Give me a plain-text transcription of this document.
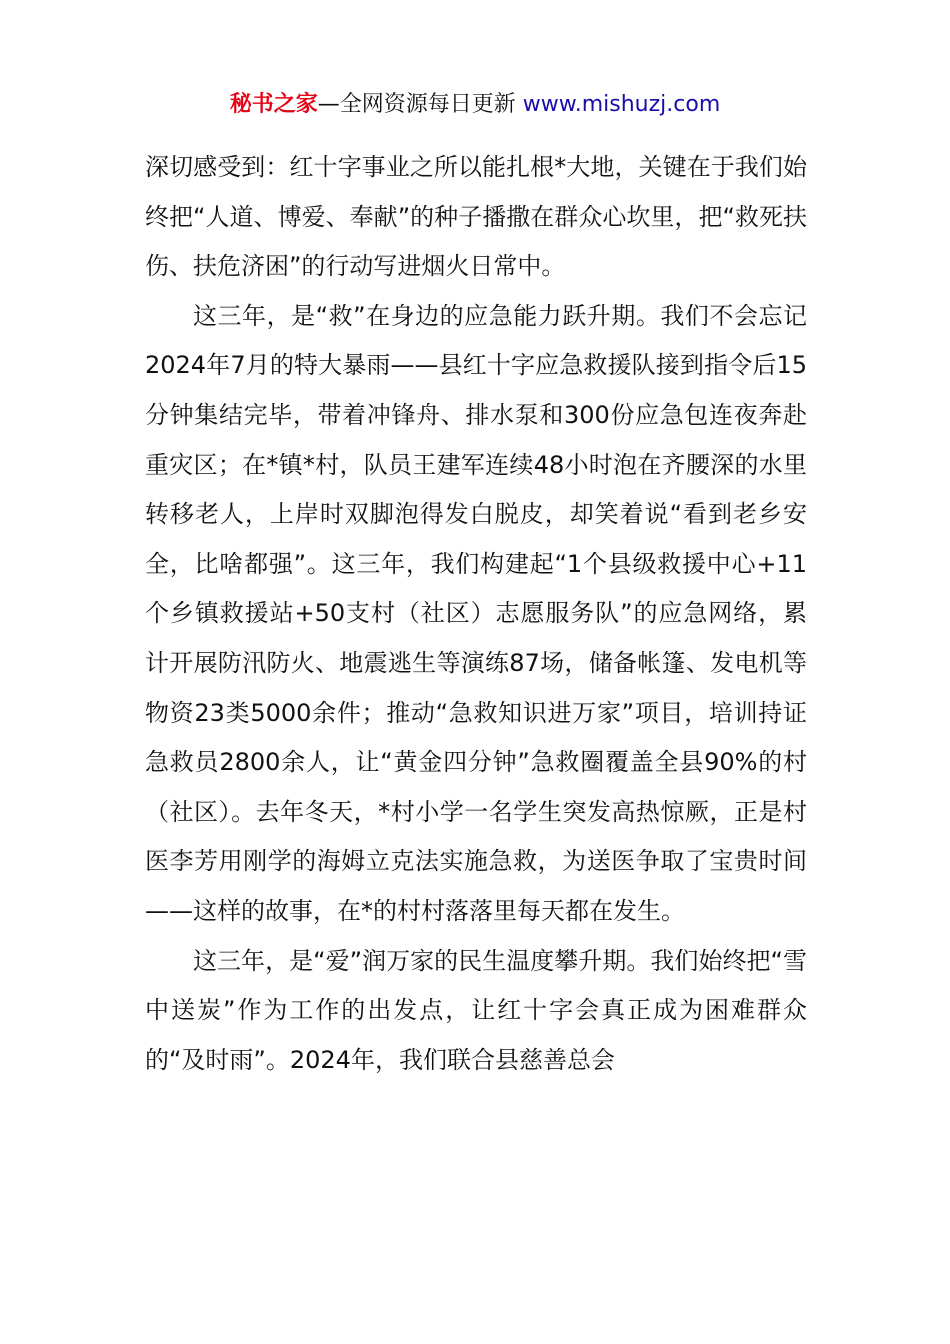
秘书之家—全网资源每日更新 www.mishuzj.com

深切感受到：红十字事业之所以能扎根*大地，关键在于我们始终把“人道、博爱、奉献”的种子播撒在群众心坎里，把“救死扶伤、扶危济困”的行动写进烟火日常中。

这三年，是“救”在身边的应急能力跃升期。我们不会忘记2024年7月的特大暴雨——县红十字应急救援队接到指令后15分钟集结完毕，带着冲锋舟、排水泵和300份应急包连夜奔赴重灾区；在*镇*村，队员王建军连续48小时泡在齐腰深的水里转移老人，上岸时双脚泡得发白脱皮，却笑着说“看到老乡安全，比啥都强”。这三年，我们构建起“1个县级救援中心+11个乡镇救援站+50支村（社区）志愿服务队”的应急网络，累计开展防汛防火、地震逃生等演练87场，储备帐篷、发电机等物资23类5000余件；推动“急救知识进万家”项目，培训持证急救员2800余人，让“黄金四分钟”急救圈覆盖全县90%的村（社区）。去年冬天，*村小学一名学生突发高热惊厥，正是村医李芳用刚学的海姆立克法实施急救，为送医争取了宝贵时间——这样的故事，在*的村村落落里每天都在发生。

这三年，是“爱”润万家的民生温度攀升期。我们始终把“雪中送炭”作为工作的出发点，让红十字会真正成为困难群众的“及时雨”。2024年，我们联合县慈善总会
